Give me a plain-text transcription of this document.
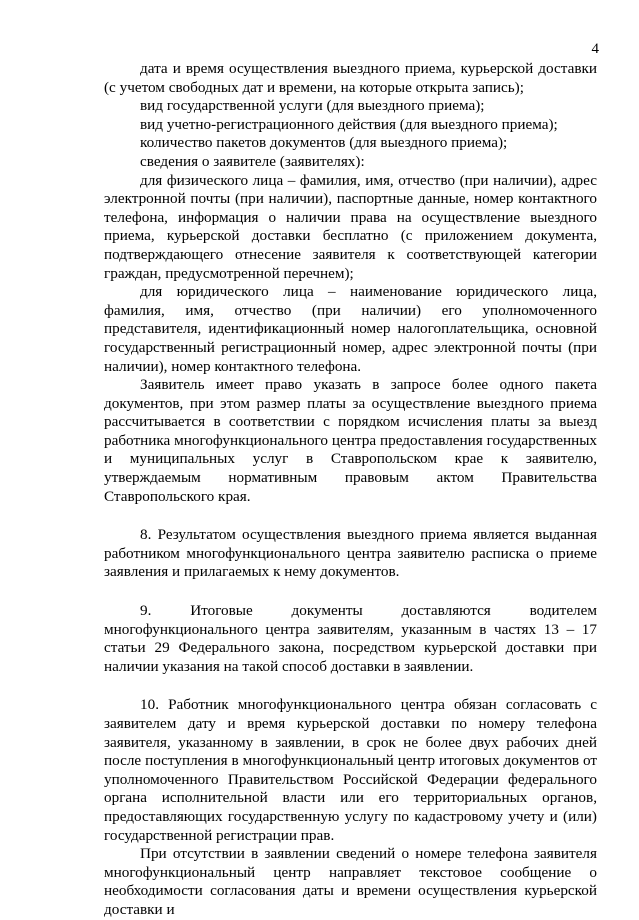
4

дата и время осуществления выездного приема, курьерской доставки (с учетом свободных дат и времени, на которые открыта запись);

вид государственной услуги (для выездного приема);

вид учетно-регистрационного действия (для выездного приема);

количество пакетов документов (для выездного приема);

сведения о заявителе (заявителях):

для физического лица – фамилия, имя, отчество (при наличии), адрес электронной почты (при наличии), паспортные данные, номер контактного телефона, информация о наличии права на осуществление выездного приема, курьерской доставки бесплатно (с приложением документа, подтверждающего отнесение заявителя к соответствующей категории граждан, предусмотренной перечнем);

для юридического лица – наименование юридического лица, фамилия, имя, отчество (при наличии) его уполномоченного представителя, идентификационный номер налогоплательщика, основной государственный регистрационный номер, адрес электронной почты (при наличии), номер контактного телефона.

Заявитель имеет право указать в запросе более одного пакета документов, при этом размер платы за осуществление выездного приема рассчитывается в соответствии с порядком исчисления платы за выезд работника многофункционального центра предоставления государственных и муниципальных услуг в Ставропольском крае к заявителю, утверждаемым нормативным правовым актом Правительства Ставропольского края.

8. Результатом осуществления выездного приема является выданная работником многофункционального центра заявителю расписка о приеме заявления и прилагаемых к нему документов.

9. Итоговые документы доставляются водителем многофункционального центра заявителям, указанным в частях 13 – 17 статьи 29 Федерального закона, посредством курьерской доставки при наличии указания на такой способ доставки в заявлении.

10. Работник многофункционального центра обязан согласовать с заявителем дату и время курьерской доставки по номеру телефона заявителя, указанному в заявлении, в срок не более двух рабочих дней после поступления в многофункциональный центр итоговых документов от уполномоченного Правительством Российской Федерации федерального органа исполнительной власти или его территориальных органов, предоставляющих государственную услугу по кадастровому учету и (или) государственной регистрации прав.

При отсутствии в заявлении сведений о номере телефона заявителя многофункциональный центр направляет текстовое сообщение о необходимости согласования даты и времени осуществления курьерской доставки и
